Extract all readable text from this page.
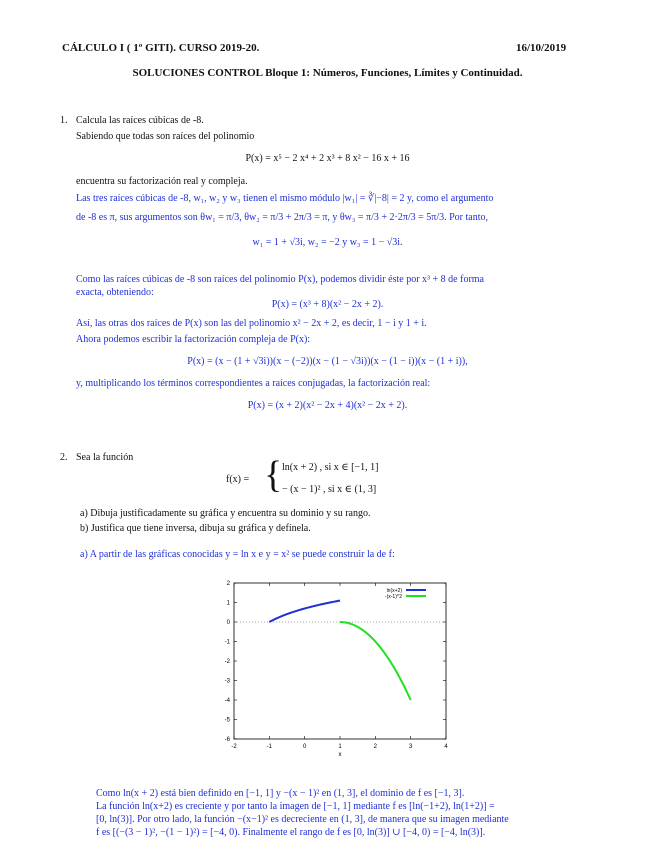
CÁLCULO I ( 1º GITI). CURSO 2019-20.	16/10/2019
SOLUCIONES CONTROL Bloque 1: Números, Funciones, Límites y Continuidad.
1. Calcula las raíces cúbicas de -8.
Sabiendo que todas son raíces del polinomio
P(x) = x⁵ − 2 x⁴ + 2 x³ + 8 x² − 16 x + 16
encuentra su factorización real y compleja.
Las tres raíces cúbicas de -8, w₁, w₂ y w₃ tienen el mismo módulo |w₁| = ∛|−8| = 2 y, como el argumento
de -8 es π, sus argumentos son θw₁ = π/3, θw₂ = π/3 + 2π/3 = π, y θw₃ = π/3 + 2·2π/3 = 5π/3. Por tanto,
w₁ = 1 + √3i, w₂ = −2 y w₃ = 1 − √3i.
Como las raíces cúbicas de -8 son raíces del polinomio P(x), podemos dividir éste por x³ + 8 de forma
exacta, obteniendo:
P(x) = (x³ + 8)(x² − 2x + 2).
Así, las otras dos raíces de P(x) son las del polinomio x² − 2x + 2, es decir, 1 − i y 1 + i.
Ahora podemos escribir la factorización compleja de P(x):
P(x) = (x − (1 + √3i))(x − (−2))(x − (1 − √3i))(x − (1 − i))(x − (1 + i)),
y, multiplicando los términos correspondientes a raíces conjugadas, la factorización real:
P(x) = (x + 2)(x² − 2x + 4)(x² − 2x + 2).
2. Sea la función
f(x) = { ln(x + 2) , si x ∈ [−1, 1]
− (x − 1)² , si x ∈ (1, 3]
a) Dibuja justificadamente su gráfica y encuentra su dominio y su rango.
b) Justifica que tiene inversa, dibuja su gráfica y defínela.
a) A partir de las gráficas conocidas y = ln x e y = x² se puede construir la de f:
-2	-1	0	1	2	3	4
2
1
0
-1
-2
-3
-4
-5
-6
x
ln(x+2)
-(x-1)^2
Como ln(x + 2) está bien definido en [−1, 1] y −(x − 1)² en (1, 3], el dominio de f es [−1, 3].
La función ln(x+2) es creciente y por tanto la imagen de [−1, 1] mediante f es [ln(−1+2), ln(1+2)] =
[0, ln(3)]. Por otro lado, la función −(x−1)² es decreciente en (1, 3], de manera que su imagen mediante
f es [(−(3 − 1)², −(1 − 1)²) = [−4, 0). Finalmente el rango de f es [0, ln(3)] ∪ [−4, 0) = [−4, ln(3)].
